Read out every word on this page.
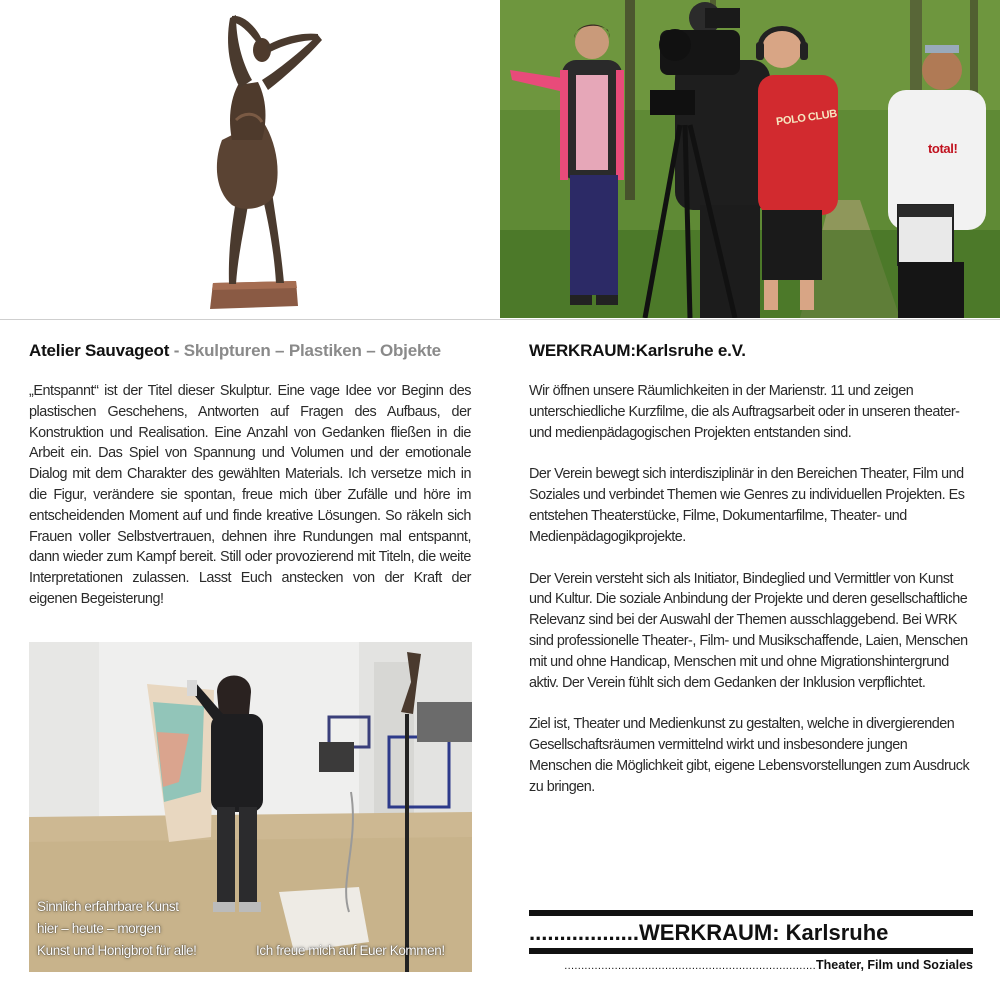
POLO CLUB
total!
Atelier Sauvageot - Skulpturen – Plastiken – Objekte

„Entspannt“ ist der Titel dieser Skulptur. Eine vage Idee vor Beginn des plastischen Geschehens, Antworten auf Fragen des Aufbaus, der Konstruktion und Realisation. Eine Anzahl von Gedanken fließen in die Arbeit ein. Das Spiel von Spannung und Volumen und der emotionale Dialog mit dem Charakter des gewählten Materials. Ich versetze mich in die Figur, verändere sie spontan, freue mich über Zufälle und höre im entscheidenden Moment auf und finde kreative Lösungen. So räkeln sich Frauen voller Selbstvertrauen, dehnen ihre Rundungen mal entspannt, dann wieder zum Kampf bereit. Still oder provozierend mit Titeln, die weite Interpretationen zulassen. Lasst Euch anstecken von der Kraft der eigenen Begeisterung!

Sinnlich erfahrbare Kunst
hier – heute – morgen
Kunst und Honigbrot für alle!	Ich freue mich auf Euer Kommen!
WERKRAUM:Karlsruhe e.V.

Wir öffnen unsere Räumlichkeiten in der Marienstr. 11 und zeigen unterschiedliche Kurzfilme, die als Auftragsarbeit oder in unseren theater- und medienpädagogischen Projekten entstanden sind.

Der Verein bewegt sich interdisziplinär in den Bereichen Theater, Film und Soziales und verbindet Themen wie Genres zu individuellen Projekten. Es entstehen Theaterstücke, Filme, Dokumentarfilme, Theater- und Medienpädagogikprojekte.

Der Verein versteht sich als Initiator, Bindeglied und Vermittler von Kunst und Kultur. Die soziale Anbindung der Projekte und deren gesellschaftliche Relevanz sind bei der Auswahl der Themen ausschlaggebend. Bei WRK sind professionelle Theater-, Film- und Musikschaffende, Laien, Menschen mit und ohne Handicap, Menschen mit und ohne Migrationshintergrund aktiv. Der Verein fühlt sich dem Gedanken der Inklusion verpflichtet.

Ziel ist, Theater und Medienkunst zu gestalten, welche in divergierenden Gesellschaftsräumen vermittelnd wirkt und insbesondere jungen Menschen die Möglichkeit gibt, eigene Lebensvorstellungen zum Ausdruck zu bringen.

..................WERKRAUM: Karlsruhe
...........................................................................Theater, Film und Soziales
